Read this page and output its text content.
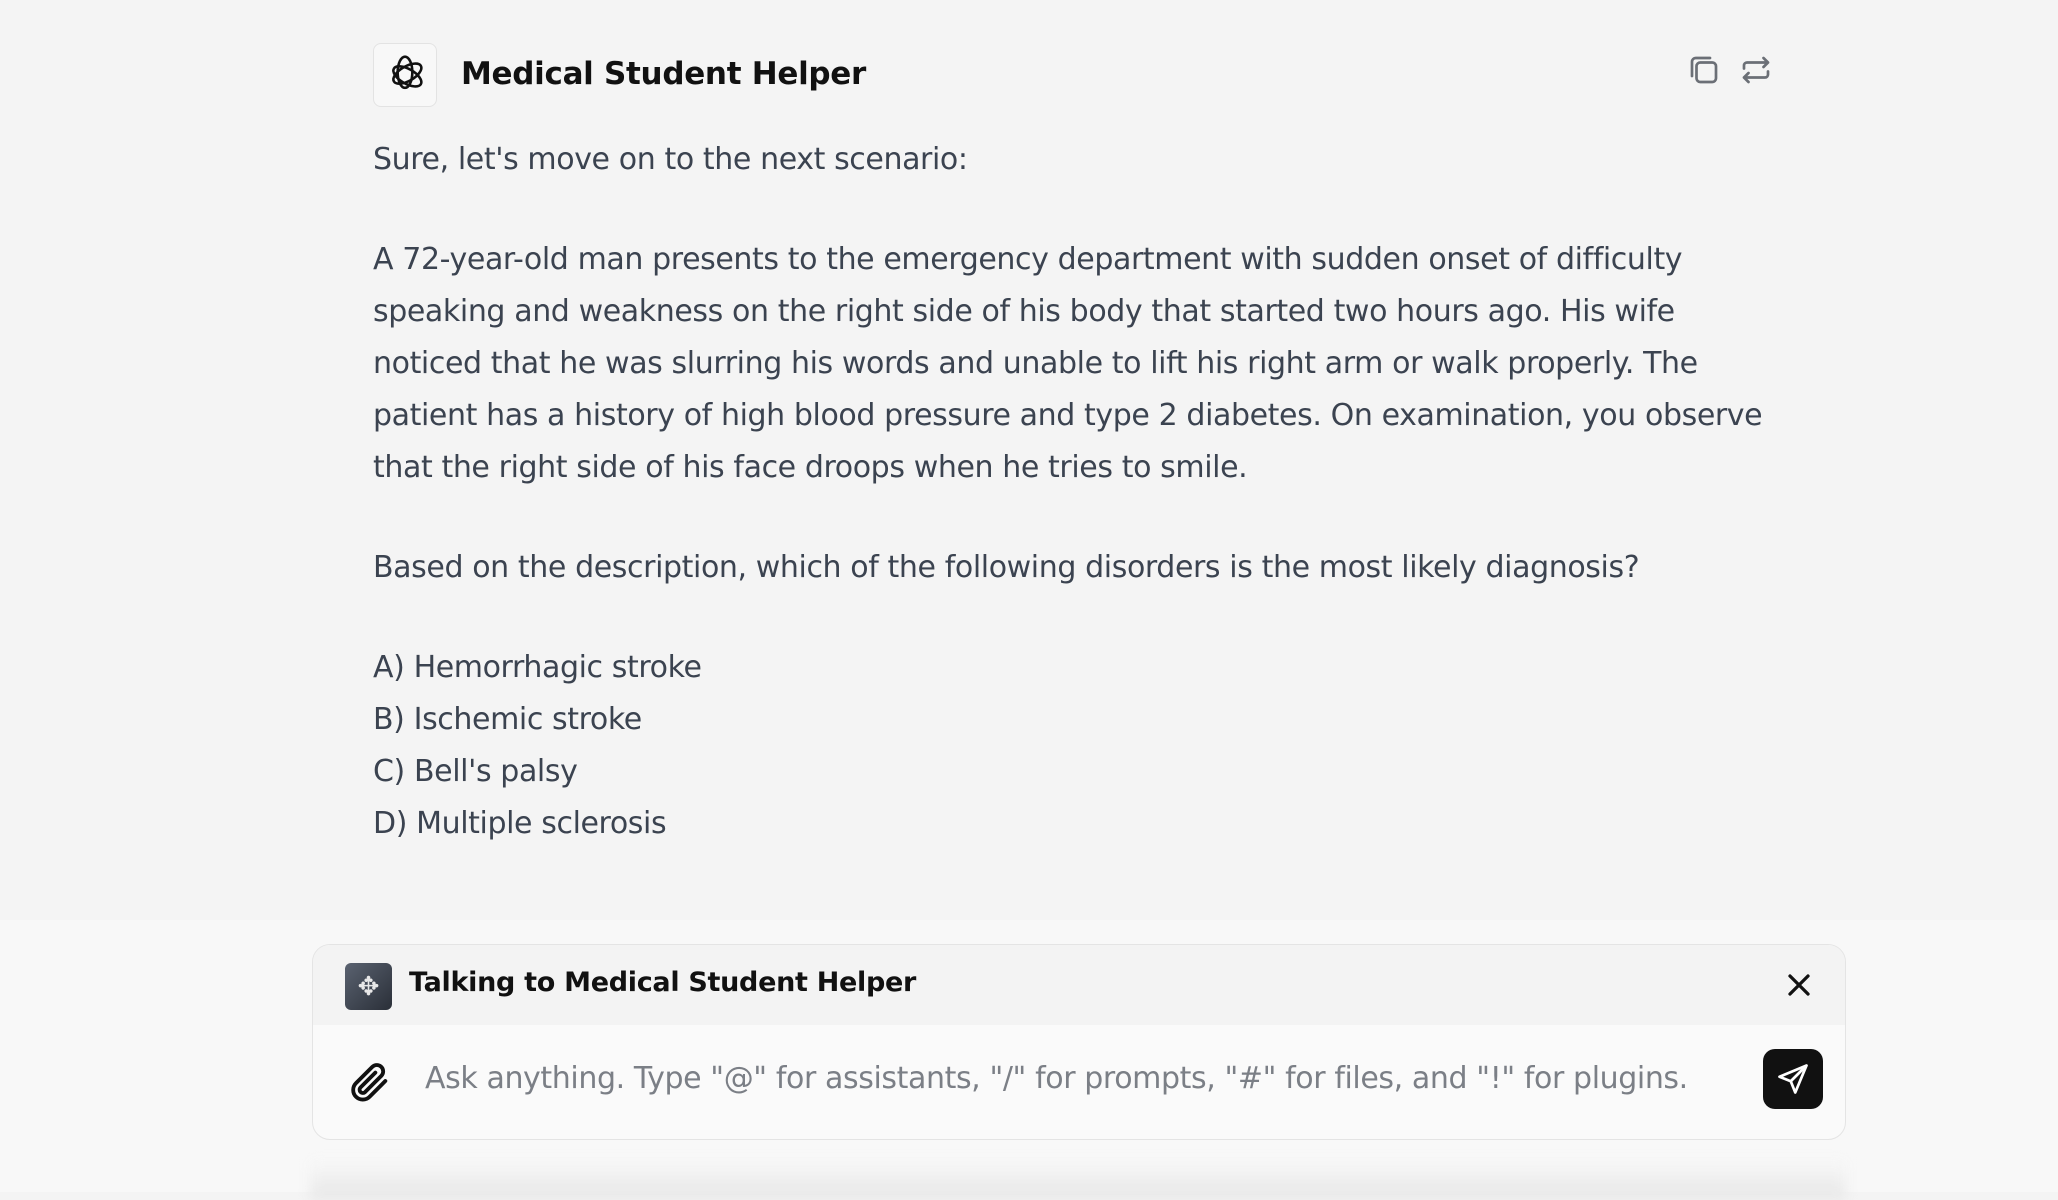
Medical Student Helper

Sure, let's move on to the next scenario:

A 72-year-old man presents to the emergency department with sudden onset of difficulty speaking and weakness on the right side of his body that started two hours ago. His wife noticed that he was slurring his words and unable to lift his right arm or walk properly. The patient has a history of high blood pressure and type 2 diabetes. On examination, you observe that the right side of his face droops when he tries to smile.

Based on the description, which of the following disorders is the most likely diagnosis?

A) Hemorrhagic stroke

B) Ischemic stroke

C) Bell's palsy

D) Multiple sclerosis

✥	Talking to Medical Student Helper
Ask anything. Type "@" for assistants, "/" for prompts, "#" for files, and "!" for plugins.
